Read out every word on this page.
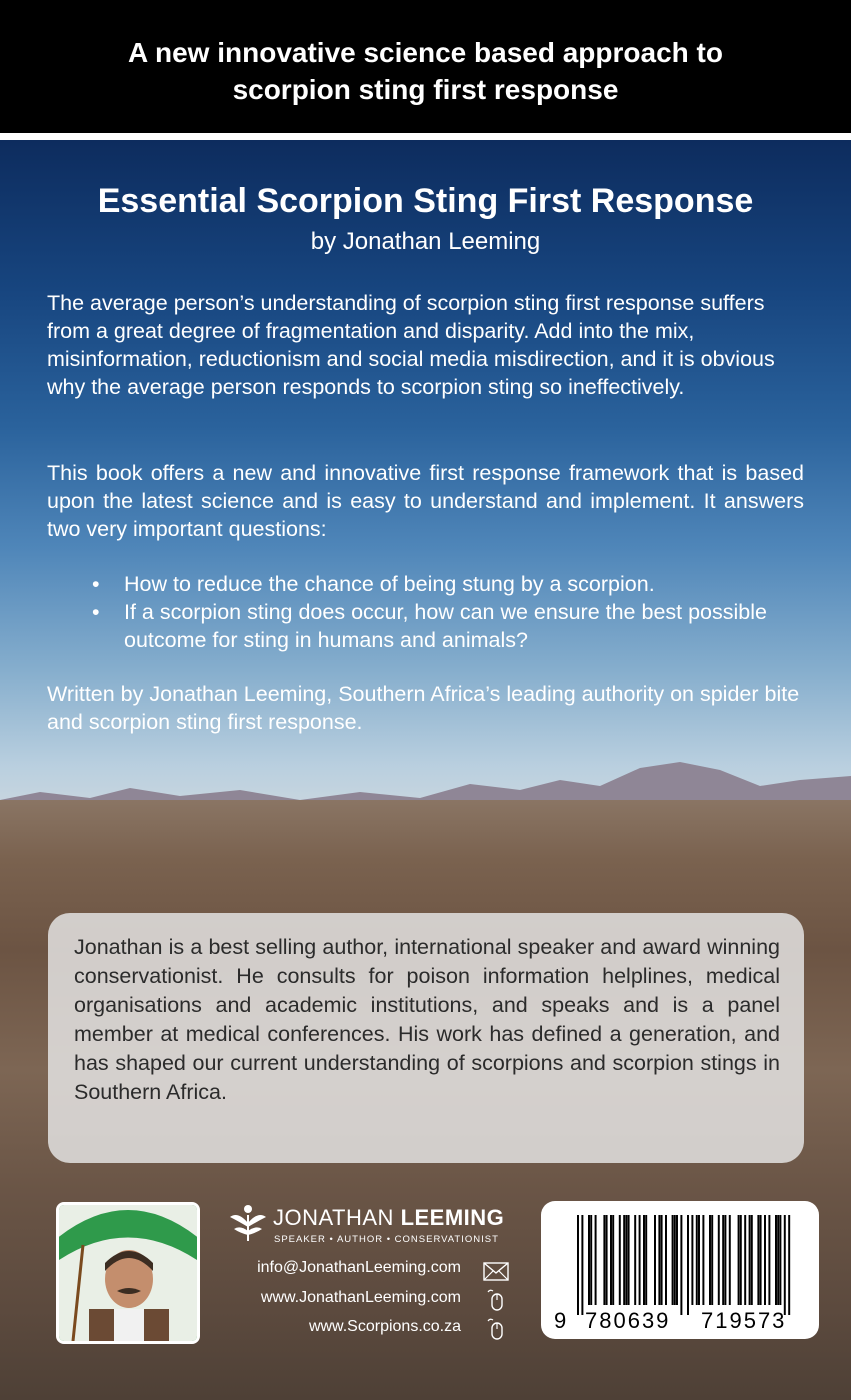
A new innovative science based approach to
scorpion sting first response
Essential Scorpion Sting First Response
by Jonathan Leeming
The average person’s understanding of scorpion sting first response suffers from a great degree of fragmentation and disparity. Add into the mix, misinformation, reductionism and social media misdirection, and it is obvious why the average person responds to scorpion sting so ineffectively.
This book offers a new and innovative first response framework that is based upon the latest science and is easy to understand and implement. It answers two very important questions:
• How to reduce the chance of being stung by a scorpion.
• If a scorpion sting does occur, how can we ensure the best possible outcome for sting in humans and animals?
Written by Jonathan Leeming, Southern Africa’s leading authority on spider bite and scorpion sting first response.
Jonathan is a best selling author, international speaker and award winning conservationist. He consults for poison information helplines, medical organisations and academic institutions, and speaks and is a panel member at medical conferences. His work has defined a generation, and has shaped our current understanding of scorpions and scorpion stings in Southern Africa.
JONATHAN LEEMING
SPEAKER • AUTHOR • CONSERVATIONIST
info@JonathanLeeming.com
www.JonathanLeeming.com
www.Scorpions.co.za	9 780639 719573
